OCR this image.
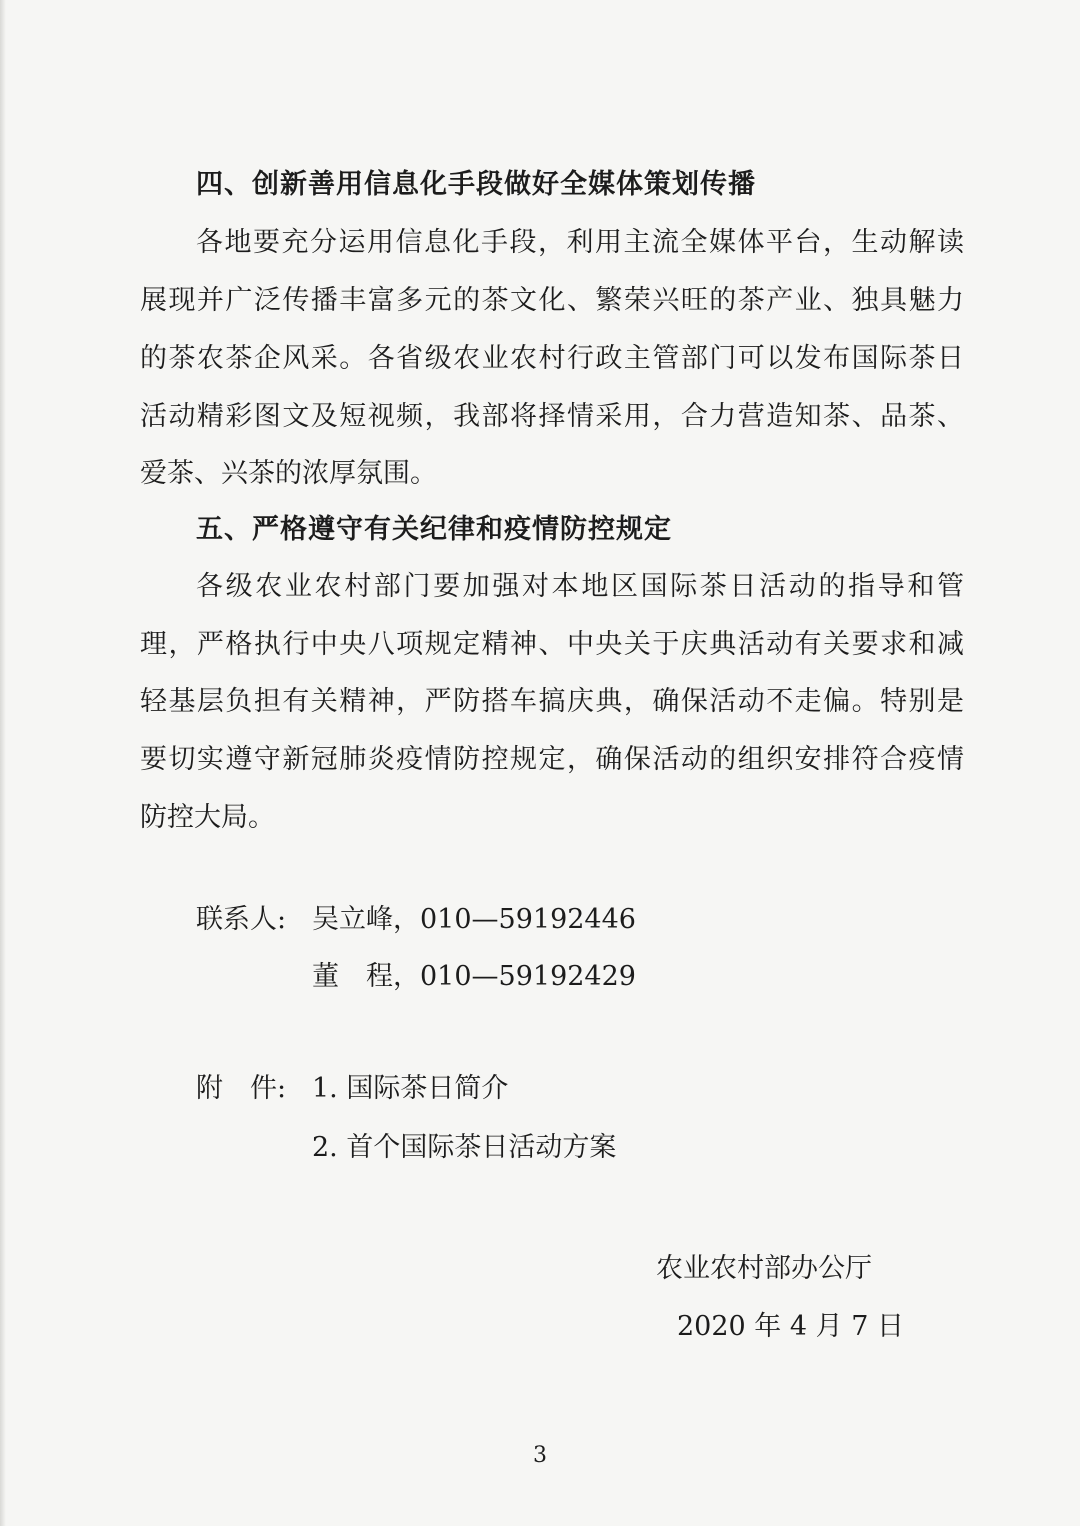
四、创新善用信息化手段做好全媒体策划传播
各地要充分运用信息化手段，利用主流全媒体平台，生动解读
展现并广泛传播丰富多元的茶文化、繁荣兴旺的茶产业、独具魅力
的茶农茶企风采。各省级农业农村行政主管部门可以发布国际茶日
活动精彩图文及短视频，我部将择情采用，合力营造知茶、品茶、
爱茶、兴茶的浓厚氛围。
五、严格遵守有关纪律和疫情防控规定
各级农业农村部门要加强对本地区国际茶日活动的指导和管
理，严格执行中央八项规定精神、中央关于庆典活动有关要求和减
轻基层负担有关精神，严防搭车搞庆典，确保活动不走偏。特别是
要切实遵守新冠肺炎疫情防控规定，确保活动的组织安排符合疫情
防控大局。
联系人: 吴立峰，010—59192446
董　程，010—59192429
附　件: 1. 国际茶日简介
2. 首个国际茶日活动方案
农业农村部办公厅
2020 年 4 月 7 日
3
